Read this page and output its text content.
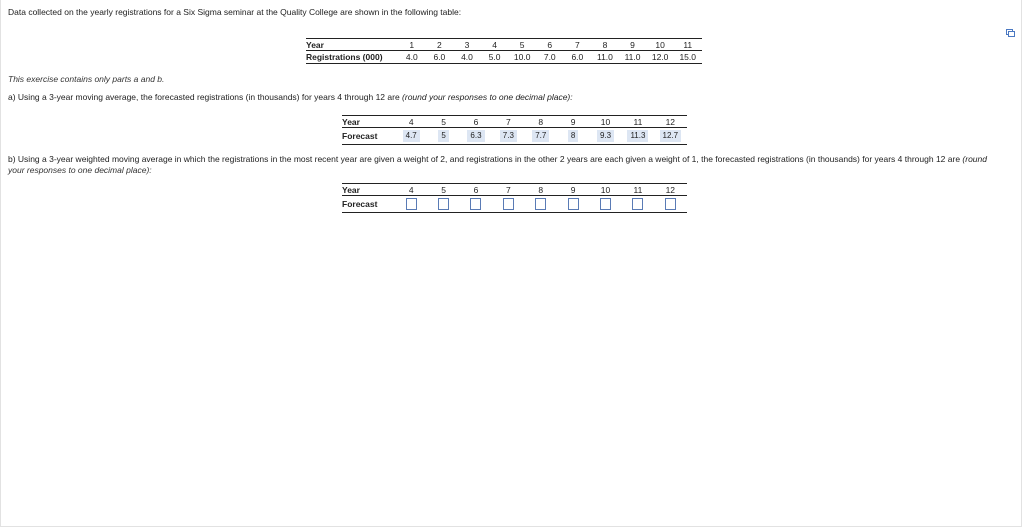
Data collected on the yearly registrations for a Six Sigma seminar at the Quality College are shown in the following table:
Year	1	2	3	4	5	6	7	8	9	10	11
Registrations (000)	4.0	6.0	4.0	5.0	10.0	7.0	6.0	11.0	11.0	12.0	15.0
This exercise contains only parts a and b.
a) Using a 3-year moving average, the forecasted registrations (in thousands) for years 4 through 12 are (round your responses to one decimal place):
Year	4	5	6	7	8	9	10	11	12
Forecast	4.7	5	6.3	7.3	7.7	8	9.3	11.3	12.7
b) Using a 3-year weighted moving average in which the registrations in the most recent year are given a weight of 2, and registrations in the other 2 years are each given a weight of 1, the forecasted registrations (in thousands) for years 4 through 12 are (round
your responses to one decimal place):
Year	4	5	6	7	8	9	10	11	12
Forecast									
